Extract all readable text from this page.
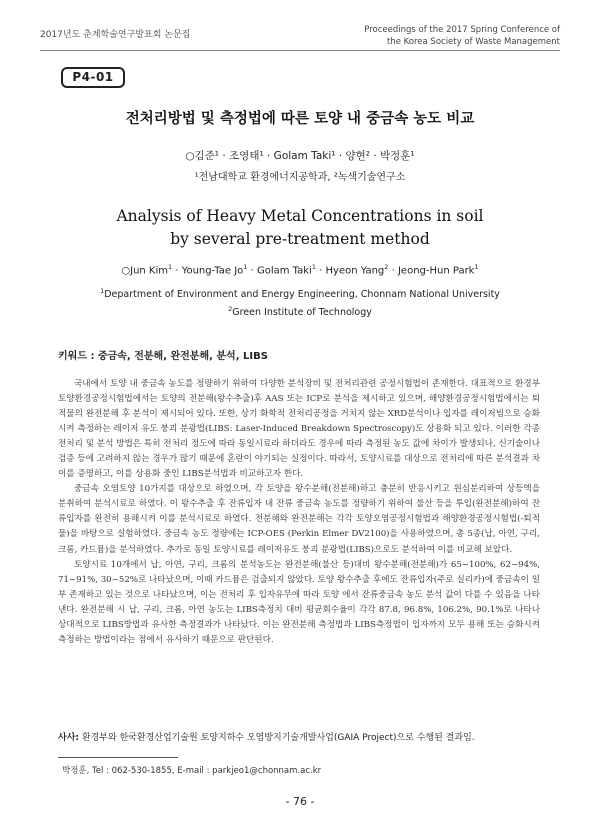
2017년도 춘계학술연구발표회 논문집	Proceedings of the 2017 Spring Conference of
the Korea Society of Waste Management
P4-01
전처리방법 및 측정법에 따른 토양 내 중금속 농도 비교
○김준¹ · 조영태¹ · Golam Taki¹ · 양현² · 박정훈¹
¹전남대학교 환경에너지공학과, ²녹색기술연구소
Analysis of Heavy Metal Concentrations in soil
by several pre-treatment method
○Jun Kim$^1$ · Young-Tae $Jo^1$ · Golam Taki$^1$ · Hyeon Yang$^2$ · Jeong-Hun Park$^1$
$^1$Department of Environment and Energy Engineering, Chonnam National University
$^2$Green Institute of Technology
키워드 : 중금속, 전분해, 완전분해, 분석, LIBS

국내에서 토양 내 중금속 농도를 정량하기 위하여 다양한 분석장비 및 전처리관련 공정시험법이 존재한다. 대표적으로 환경부 토양환경공정시험법에서는 토양의 전분해(왕수추출)후 AAS 또는 ICP로 분석을 제시하고 있으며, 해양환경공정시험법에서는 퇴적물의 완전분해 후 분석이 제시되어 있다. 또한, 상기 화학적 전처리공정을 거치지 않는 XRD분석이나 입자를 레이저빔으로 승화시켜 측정하는 레이저 유도 붕괴 분광법(LIBS: Laser-Induced Breakdown Spectroscopy)도 상용화 되고 있다. 이러한 각종 전처리 및 분석 방법은 특히 전처리 정도에 따라 동일시료라 하더라도 경우에 따라 측정된 농도 값에 차이가 발생되나, 신기술이나 검증 등에 고려하지 않는 경우가 많기 때문에 혼란이 야기되는 실정이다. 따라서, 토양시료를 대상으로 전처리에 따른 분석결과 차이를 증명하고, 이를 상용화 중인 LIBS분석법과 비교하고자 한다.

중금속 오염토양 10가지를 대상으로 하였으며, 각 토양을 왕수분해(전분해)하고 충분히 반응시키고 원심분리하여 상등액을 분취하여 분석시료로 하였다. 이 왕수추출 후 잔류입자 내 잔류 중금속 농도를 정량하기 위하여 불산 등을 투입(완전분해)하여 잔류입자를 완전히 용해시켜 이를 분석시료로 하였다. 전분해와 완전분해는 각각 토양오염공정시험법과 해양환경공정시험법(-퇴적물)을 바탕으로 실험하였다. 중금속 농도 정량에는 ICP-OES (Perkin Elmer DV2100)을 사용하였으며, 총 5종(납, 아연, 구리, 크롬, 카드뮴)을 분석하였다. 추가로 동일 토양시료를 레이저유도 붕괴 분광법(LIBS)으로도 분석하여 이를 비교해 보았다.

토양시료 10개에서 납, 아연, 구리, 크롬의 분석농도는 완전분해(불산 등)대비 왕수분해(전분해)가 65~100%, 62~94%, 71~91%, 30~52%로 나타났으며, 이때 카드뮴은 검출되지 않았다. 토양 왕수추출 후에도 잔류입자(주로 실리카)에 중금속이 일부 존재하고 있는 것으로 나타났으며, 이는 전처리 후 입자유무에 따라 토양 에서 잔류중금속 농도 분석 값이 다를 수 있음을 나타낸다. 완전분해 시 납, 구리, 크롬, 아연 농도는 LIBS측정치 대비 평균회수율이 각각 87.8, 96.8%, 106.2%, 90.1%로 나타나 상대적으로 LIBS방법과 유사한 측정결과가 나타났다. 이는 완전분해 측정법과 LIBS측정법이 입자까지 모두 용해 또는 승화시켜 측정하는 방법이라는 점에서 유사하기 때문으로 판단된다.

사사: 환경부와 한국환경산업기술원 토양지하수 오염방지기술개발사업(GAIA Project)으로 수행된 결과임.
박정훈, Tel : 062-530-1855, E-mail : parkjeo1@chonnam.ac.kr
- 76 -
